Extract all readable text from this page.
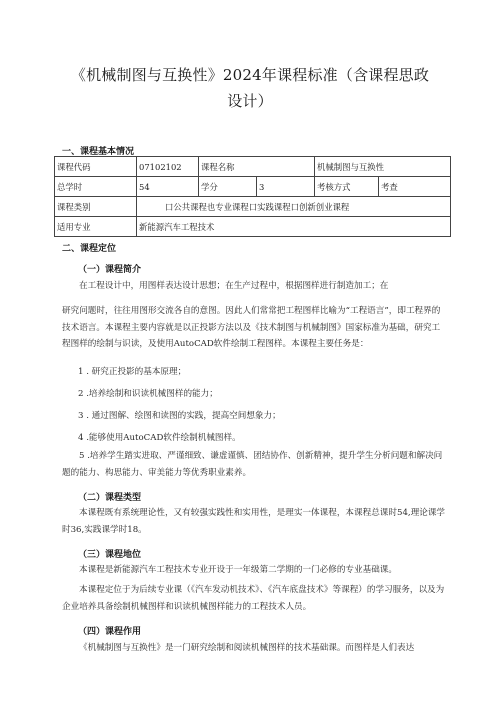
《机械制图与互换性》2024年课程标准（含课程思政
设计）
一、课程基本情况
课程代码	07102102	课程名称		机械制图与互换性	
总学时	54	学分	3	考核方式	考查
课程类别	口公共课程也专业课程口实践课程口创新创业课程				
适用专业	新能源汽车工程技术				
二、课程定位
（一）课程简介

在工程设计中，用图样表达设计思想；在生产过程中，根据图样进行制造加工；在

研究问题时，往往用图形交流各自的意图。因此人们常常把工程图样比喻为“工程语言”，即工程界的技术语言。本课程主要内容就是以正投影方法以及《技术制图与机械制图》国家标准为基础，研究工程图样的绘制与识读，及使用AutoCAD软件绘制工程图样。本课程主要任务是：

1 . 研究正投影的基本原理；
2 .培养绘制和识读机械图样的能力；
3 . 通过图解、绘图和读图的实践，提高空间想象力；
4 .能够使用AutoCAD软件绘制机械图样。

5 .培养学生踏实进取、严谨细致、谦虚谨慎、团结协作、创新精神，提升学生分析问题和解决问题的能力、构思能力、审美能力等优秀职业素养。

（二）课程类型

本课程既有系统理论性，又有较强实践性和实用性，是理实一体课程，本课程总课时54,理论课学时36,实践课学时18。

（三）课程地位

本课程是新能源汽车工程技术专业开设于一年级第二学期的一门必修的专业基础课。

本课程定位于为后续专业课（《汽车发动机技术》、《汽车底盘技术》等课程）的学习服务，以及为企业培养具备绘制机械图样和识读机械图样能力的工程技术人员。

（四）课程作用

《机械制图与互换性》是一门研究绘制和阅读机械图样的技术基础课。而图样是人们表达
